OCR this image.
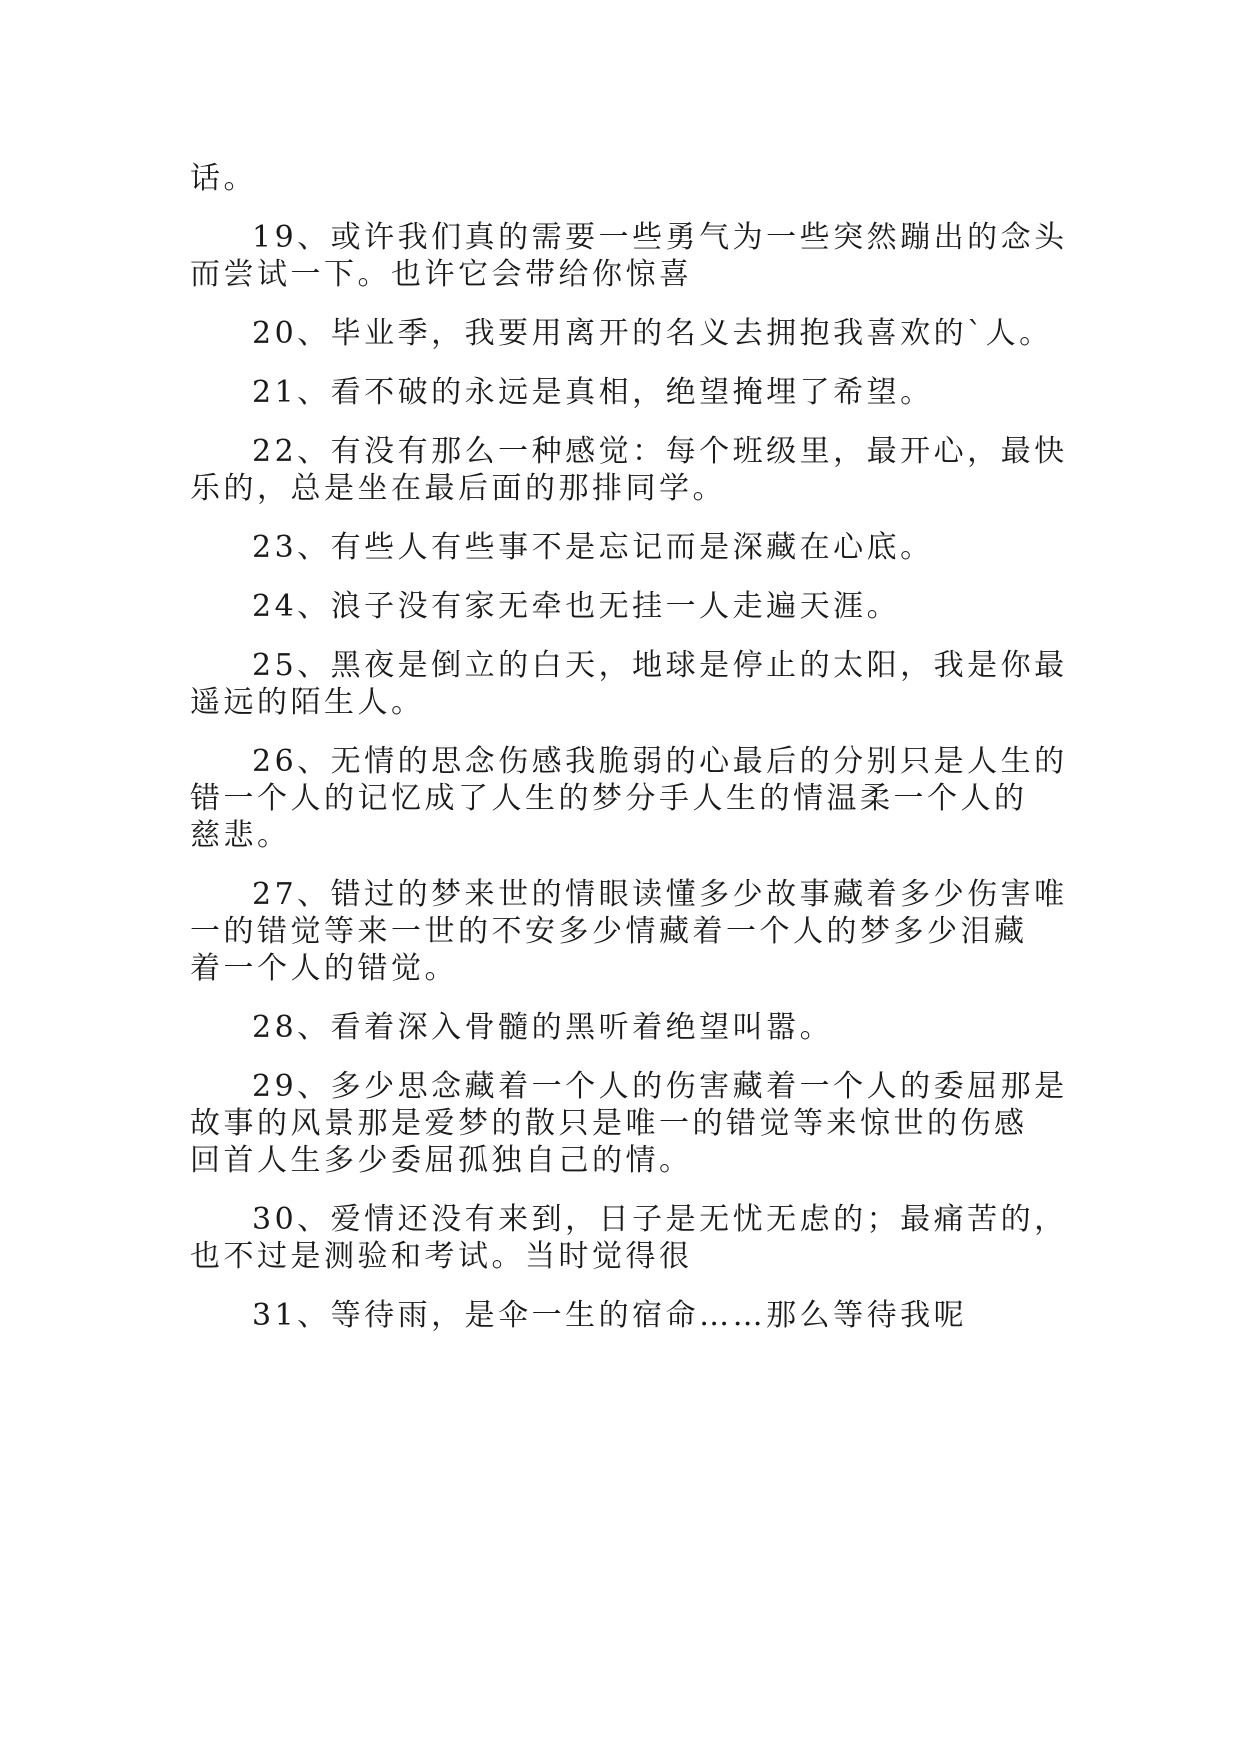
话。

19、或许我们真的需要一些勇气为一些突然蹦出的念头

而尝试一下。也许它会带给你惊喜

20、毕业季，我要用离开的名义去拥抱我喜欢的`人。

21、看不破的永远是真相，绝望掩埋了希望。

22、有没有那么一种感觉：每个班级里，最开心，最快

乐的，总是坐在最后面的那排同学。

23、有些人有些事不是忘记而是深藏在心底。

24、浪子没有家无牵也无挂一人走遍天涯。

25、黑夜是倒立的白天，地球是停止的太阳，我是你最

遥远的陌生人。

26、无情的思念伤感我脆弱的心最后的分别只是人生的

错一个人的记忆成了人生的梦分手人生的情温柔一个人的

慈悲。

27、错过的梦来世的情眼读懂多少故事藏着多少伤害唯

一的错觉等来一世的不安多少情藏着一个人的梦多少泪藏

着一个人的错觉。

28、看着深入骨髓的黑听着绝望叫嚣。

29、多少思念藏着一个人的伤害藏着一个人的委屈那是

故事的风景那是爱梦的散只是唯一的错觉等来惊世的伤感

回首人生多少委屈孤独自己的情。

30、爱情还没有来到，日子是无忧无虑的；最痛苦的，

也不过是测验和考试。当时觉得很

31、等待雨，是伞一生的宿命……那么等待我呢
